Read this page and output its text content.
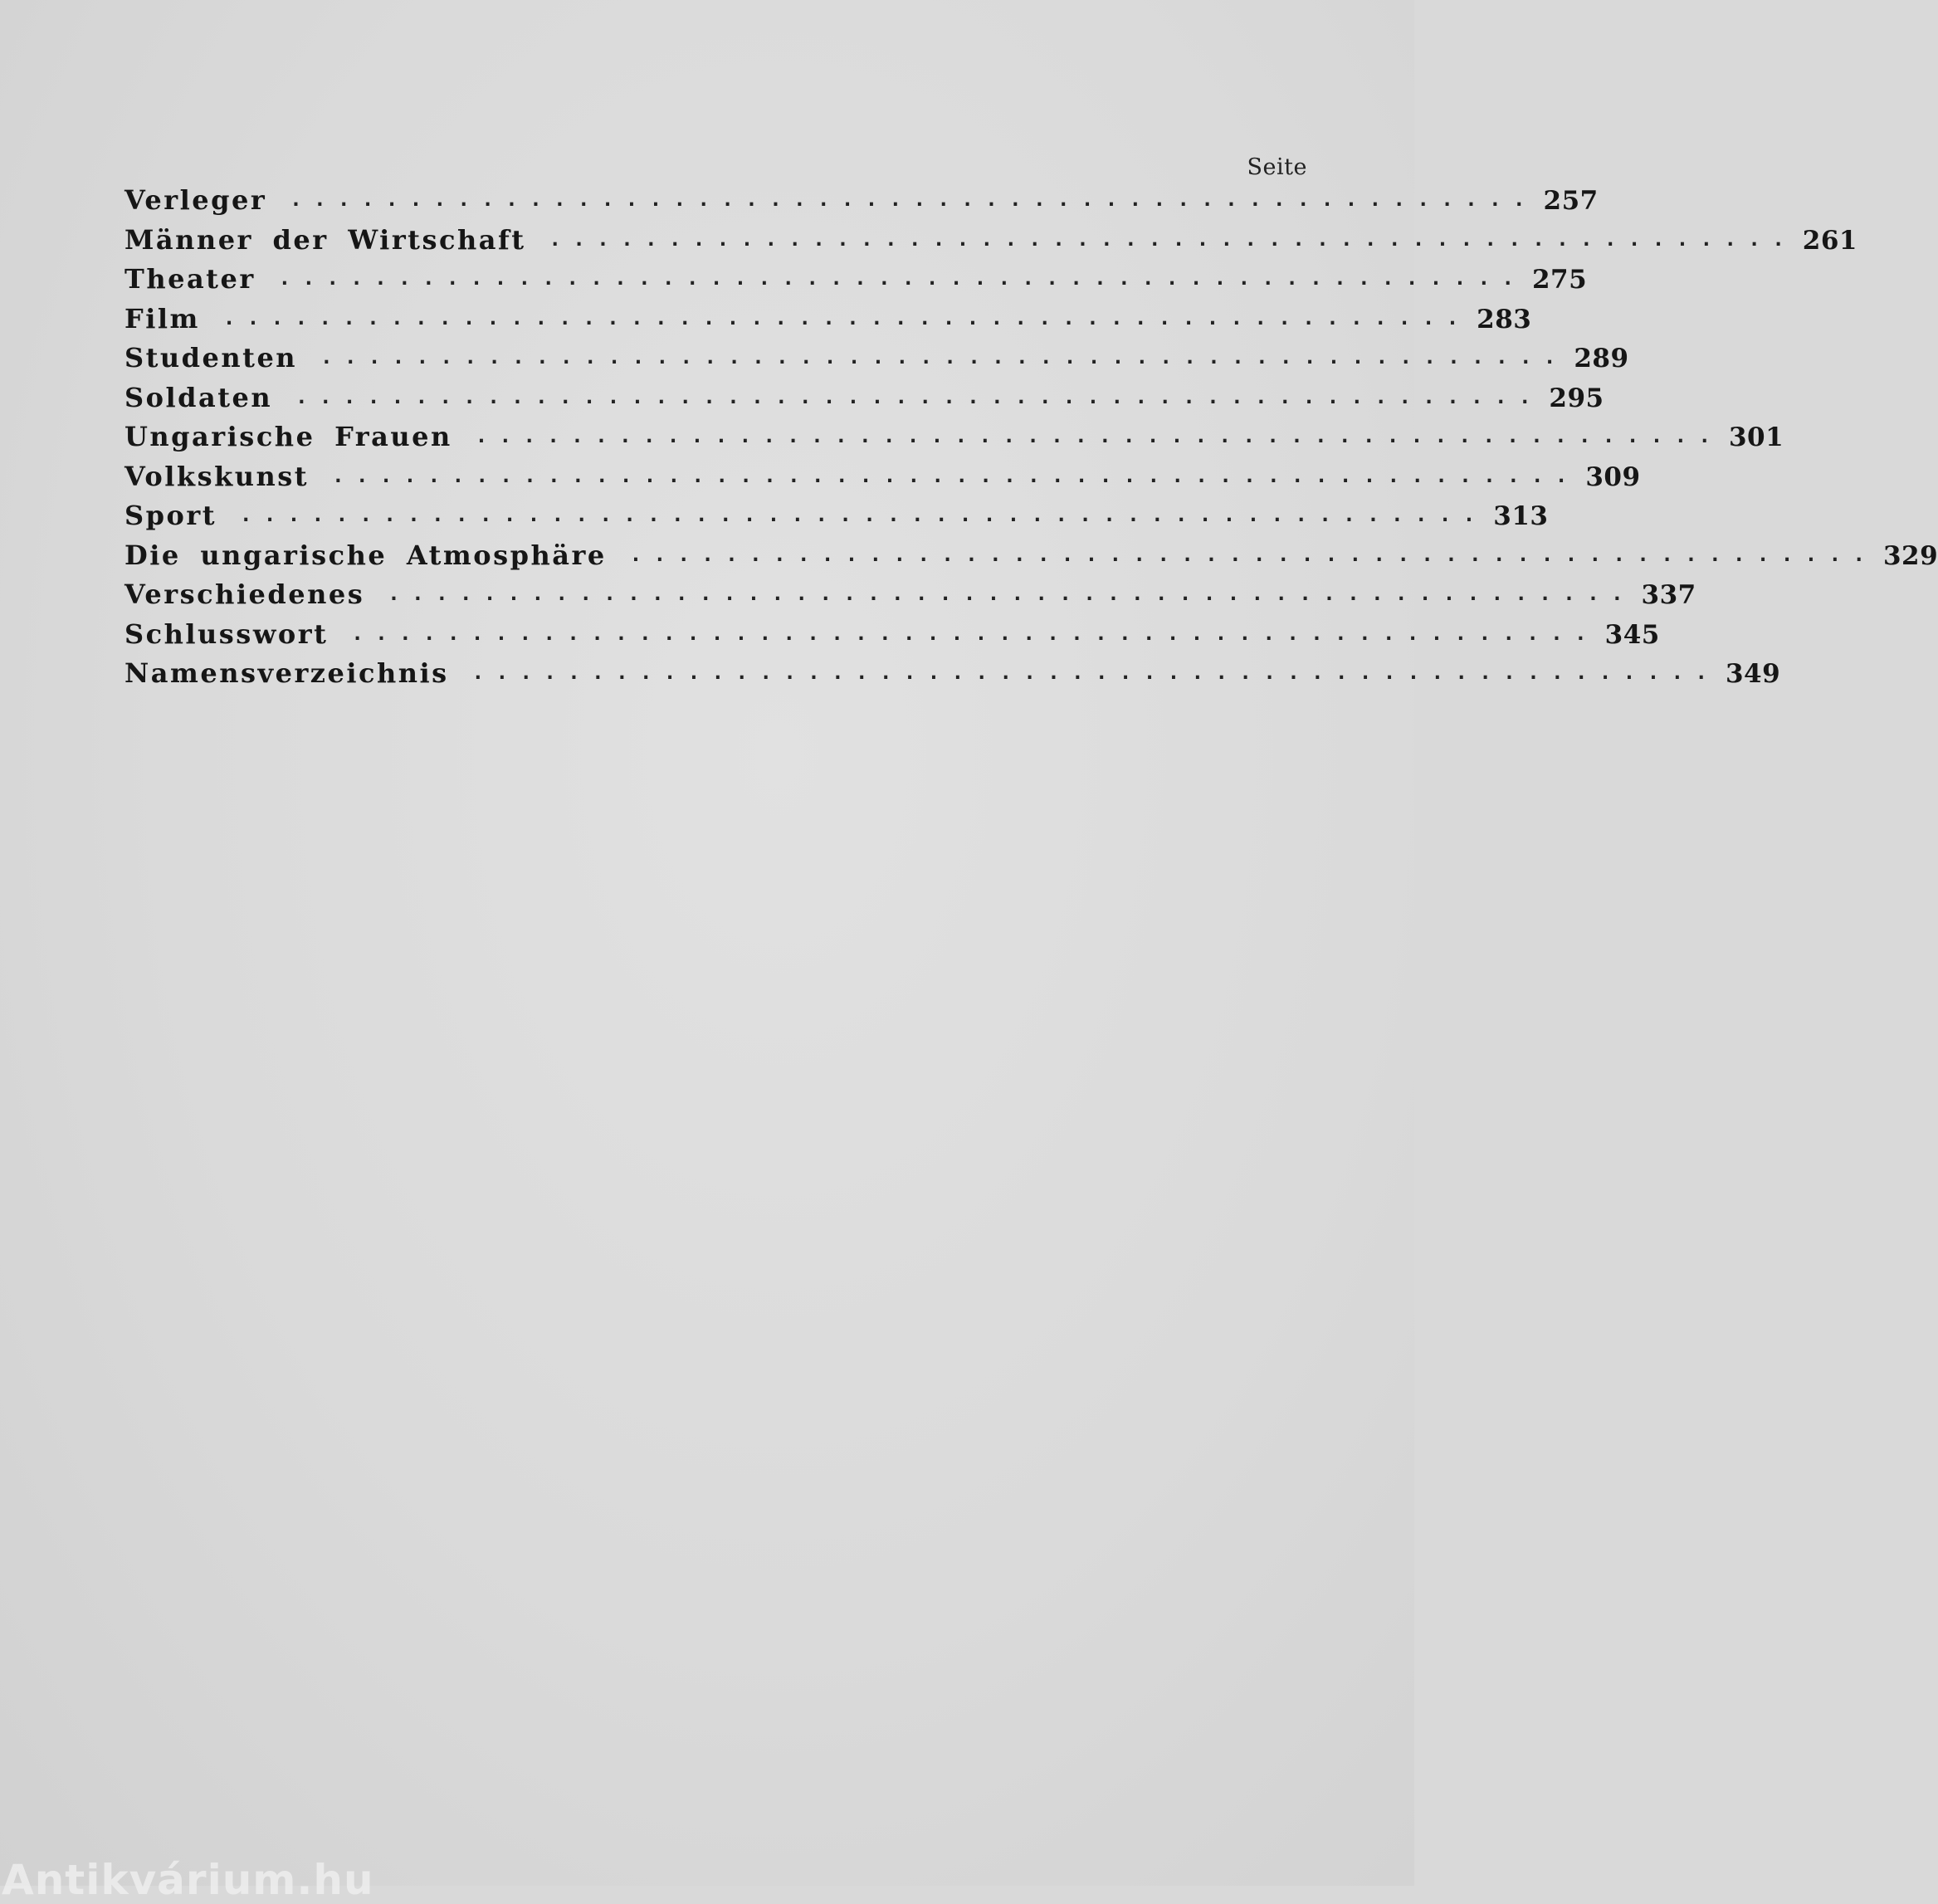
Seite
Verleger . . . . . . . . . . . . . . . . . . . . . . . . . . . . . . . . . . . . . . . . . . . . . . . . . . . . 257
Männer der Wirtschaft . . . . . . . . . . . . . . . . . . . . . . . . . . . . . . . . . . . . . . . . . . . . . . . . . . . . 261
Theater . . . . . . . . . . . . . . . . . . . . . . . . . . . . . . . . . . . . . . . . . . . . . . . . . . . . 275
Film . . . . . . . . . . . . . . . . . . . . . . . . . . . . . . . . . . . . . . . . . . . . . . . . . . . . 283
Studenten . . . . . . . . . . . . . . . . . . . . . . . . . . . . . . . . . . . . . . . . . . . . . . . . . . . . 289
Soldaten . . . . . . . . . . . . . . . . . . . . . . . . . . . . . . . . . . . . . . . . . . . . . . . . . . . . 295
Ungarische Frauen . . . . . . . . . . . . . . . . . . . . . . . . . . . . . . . . . . . . . . . . . . . . . . . . . . . . 301
Volkskunst . . . . . . . . . . . . . . . . . . . . . . . . . . . . . . . . . . . . . . . . . . . . . . . . . . . . 309
Sport . . . . . . . . . . . . . . . . . . . . . . . . . . . . . . . . . . . . . . . . . . . . . . . . . . . . 313
Die ungarische Atmosphäre . . . . . . . . . . . . . . . . . . . . . . . . . . . . . . . . . . . . . . . . . . . . . . . . . . . . 329
Verschiedenes . . . . . . . . . . . . . . . . . . . . . . . . . . . . . . . . . . . . . . . . . . . . . . . . . . . . 337
Schlusswort . . . . . . . . . . . . . . . . . . . . . . . . . . . . . . . . . . . . . . . . . . . . . . . . . . . . 345
Namensverzeichnis . . . . . . . . . . . . . . . . . . . . . . . . . . . . . . . . . . . . . . . . . . . . . . . . . . . . 349
Antikvárium.hu
